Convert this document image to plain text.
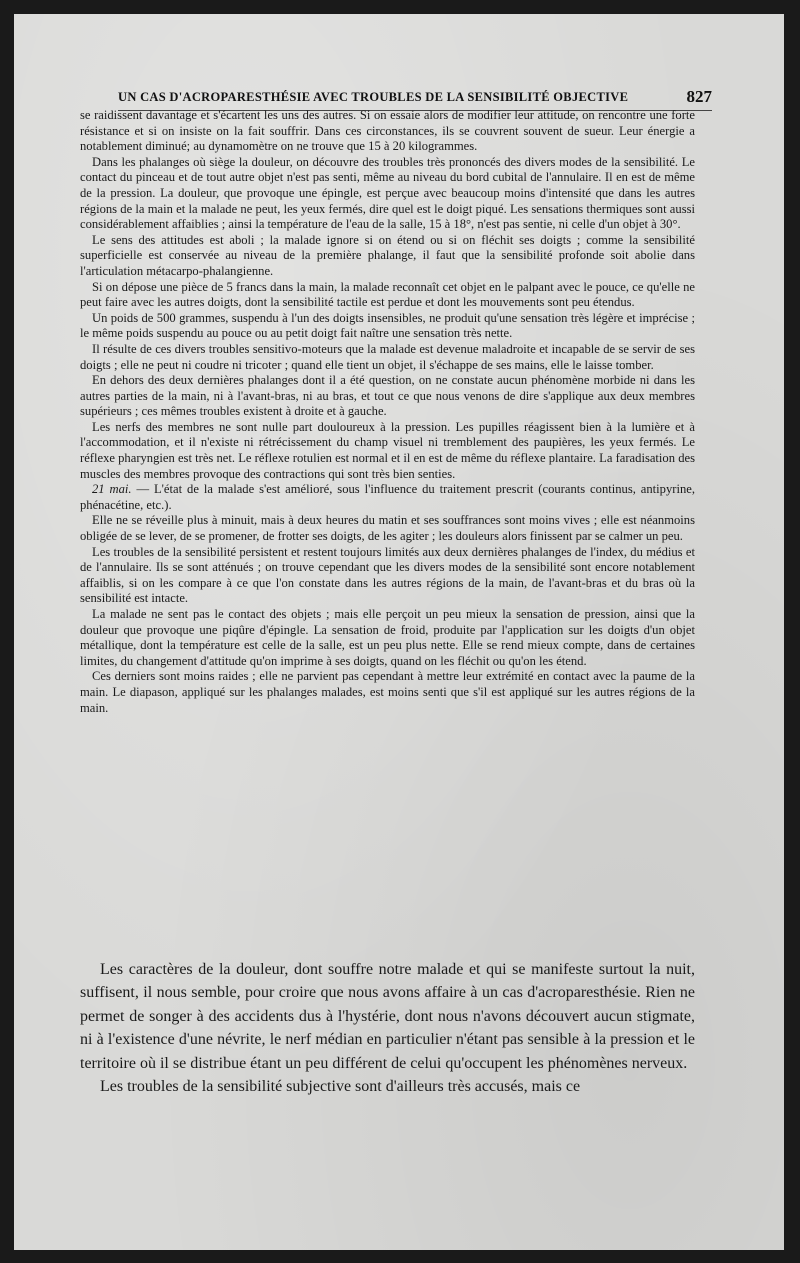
UN CAS D'ACROPARESTHÉSIE AVEC TROUBLES DE LA SENSIBILITÉ OBJECTIVE	827

se raidissent davantage et s'écartent les uns des autres. Si on essaie alors de modifier leur attitude, on rencontre une forte résistance et si on insiste on la fait souffrir. Dans ces circonstances, ils se couvrent souvent de sueur. Leur énergie a notablement diminué; au dynamomètre on ne trouve que 15 à 20 kilogrammes.

Dans les phalanges où siège la douleur, on découvre des troubles très prononcés des divers modes de la sensibilité. Le contact du pinceau et de tout autre objet n'est pas senti, même au niveau du bord cubital de l'annulaire. Il en est de même de la pression. La douleur, que provoque une épingle, est perçue avec beaucoup moins d'intensité que dans les autres régions de la main et la malade ne peut, les yeux fermés, dire quel est le doigt piqué. Les sensations thermiques sont aussi considérablement affaiblies ; ainsi la température de l'eau de la salle, 15 à 18°, n'est pas sentie, ni celle d'un objet à 30°.

Le sens des attitudes est aboli ; la malade ignore si on étend ou si on fléchit ses doigts ; comme la sensibilité superficielle est conservée au niveau de la première phalange, il faut que la sensibilité profonde soit abolie dans l'articulation métacarpo-phalangienne.

Si on dépose une pièce de 5 francs dans la main, la malade reconnaît cet objet en le palpant avec le pouce, ce qu'elle ne peut faire avec les autres doigts, dont la sensibilité tactile est perdue et dont les mouvements sont peu étendus.

Un poids de 500 grammes, suspendu à l'un des doigts insensibles, ne produit qu'une sensation très légère et imprécise ; le même poids suspendu au pouce ou au petit doigt fait naître une sensation très nette.

Il résulte de ces divers troubles sensitivo-moteurs que la malade est devenue maladroite et incapable de se servir de ses doigts ; elle ne peut ni coudre ni tricoter ; quand elle tient un objet, il s'échappe de ses mains, elle le laisse tomber.

En dehors des deux dernières phalanges dont il a été question, on ne constate aucun phénomène morbide ni dans les autres parties de la main, ni à l'avant-bras, ni au bras, et tout ce que nous venons de dire s'applique aux deux membres supérieurs ; ces mêmes troubles existent à droite et à gauche.

Les nerfs des membres ne sont nulle part douloureux à la pression. Les pupilles réagissent bien à la lumière et à l'accommodation, et il n'existe ni rétrécissement du champ visuel ni tremblement des paupières, les yeux fermés. Le réflexe pharyngien est très net. Le réflexe rotulien est normal et il en est de même du réflexe plantaire. La faradisation des muscles des membres provoque des contractions qui sont très bien senties.

21 mai. — L'état de la malade s'est amélioré, sous l'influence du traitement prescrit (courants continus, antipyrine, phénacétine, etc.).

Elle ne se réveille plus à minuit, mais à deux heures du matin et ses souffrances sont moins vives ; elle est néanmoins obligée de se lever, de se promener, de frotter ses doigts, de les agiter ; les douleurs alors finissent par se calmer un peu.

Les troubles de la sensibilité persistent et restent toujours limités aux deux dernières phalanges de l'index, du médius et de l'annulaire. Ils se sont atténués ; on trouve cependant que les divers modes de la sensibilité sont encore notablement affaiblis, si on les compare à ce que l'on constate dans les autres régions de la main, de l'avant-bras et du bras où la sensibilité est intacte.

La malade ne sent pas le contact des objets ; mais elle perçoit un peu mieux la sensation de pression, ainsi que la douleur que provoque une piqûre d'épingle. La sensation de froid, produite par l'application sur les doigts d'un objet métallique, dont la température est celle de la salle, est un peu plus nette. Elle se rend mieux compte, dans de certaines limites, du changement d'attitude qu'on imprime à ses doigts, quand on les fléchit ou qu'on les étend.

Ces derniers sont moins raides ; elle ne parvient pas cependant à mettre leur extrémité en contact avec la paume de la main. Le diapason, appliqué sur les phalanges malades, est moins senti que s'il est appliqué sur les autres régions de la main.

Les caractères de la douleur, dont souffre notre malade et qui se manifeste surtout la nuit, suffisent, il nous semble, pour croire que nous avons affaire à un cas d'acroparesthésie. Rien ne permet de songer à des accidents dus à l'hystérie, dont nous n'avons découvert aucun stigmate, ni à l'existence d'une névrite, le nerf médian en particulier n'étant pas sensible à la pression et le territoire où il se distribue étant un peu différent de celui qu'occupent les phénomènes nerveux.

Les troubles de la sensibilité subjective sont d'ailleurs très accusés, mais ce
